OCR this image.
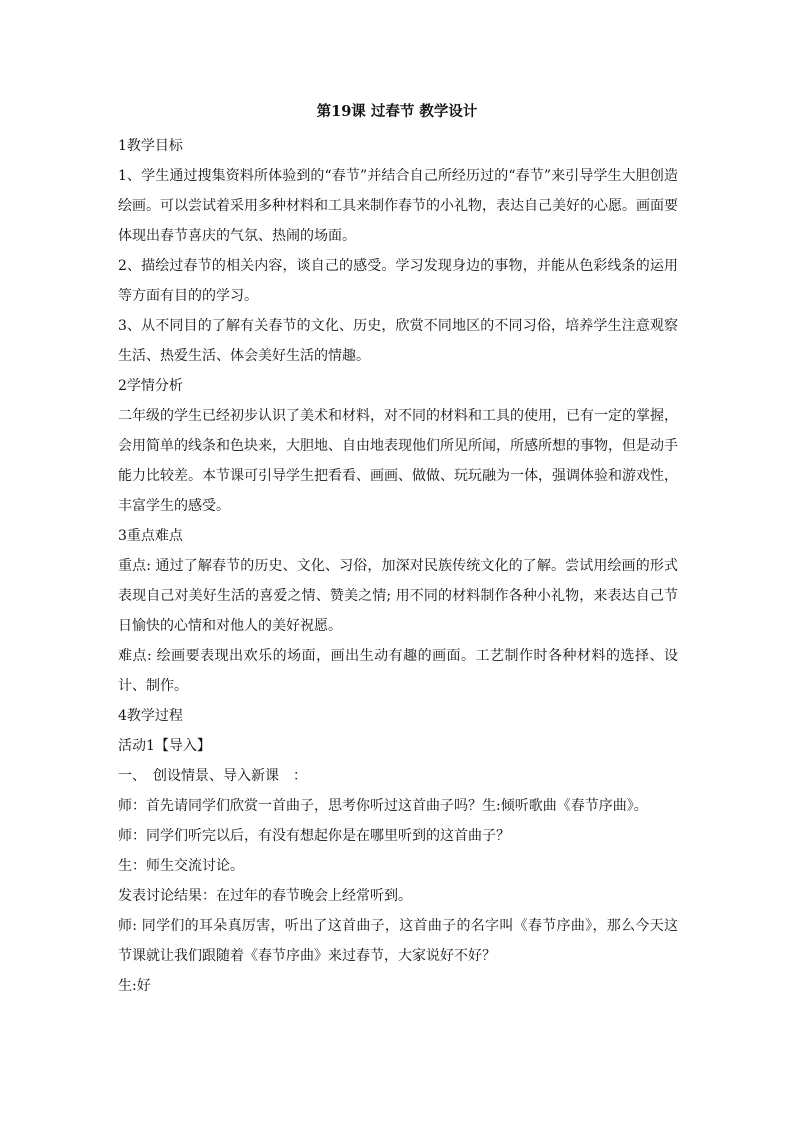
第19课 过春节 教学设计

1教学目标

1、学生通过搜集资料所体验到的“春节”并结合自己所经历过的“春节”来引导学生大胆创造绘画。可以尝试着采用多种材料和工具来制作春节的小礼物，表达自己美好的心愿。画面要体现出春节喜庆的气氛、热闹的场面。

2、描绘过春节的相关内容，谈自己的感受。学习发现身边的事物，并能从色彩线条的运用等方面有目的的学习。

3、从不同目的了解有关春节的文化、历史，欣赏不同地区的不同习俗，培养学生注意观察生活、热爱生活、体会美好生活的情趣。

2学情分析

二年级的学生已经初步认识了美术和材料，对不同的材料和工具的使用，已有一定的掌握，会用简单的线条和色块来，大胆地、自由地表现他们所见所闻，所感所想的事物，但是动手能力比较差。本节课可引导学生把看看、画画、做做、玩玩融为一体，强调体验和游戏性，丰富学生的感受。

3重点难点

重点: 通过了解春节的历史、文化、习俗，加深对民族传统文化的了解。尝试用绘画的形式表现自己对美好生活的喜爱之情、赞美之情; 用不同的材料制作各种小礼物，来表达自己节日愉快的心情和对他人的美好祝愿。

难点: 绘画要表现出欢乐的场面，画出生动有趣的画面。工艺制作时各种材料的选择、设计、制作。

4教学过程

活动1【导入】

一、　创设情景、导入新课　：

师：首先请同学们欣赏一首曲子，思考你听过这首曲子吗？生:倾听歌曲《春节序曲》。

师：同学们听完以后，有没有想起你是在哪里听到的这首曲子？

生：师生交流讨论。

发表讨论结果：在过年的春节晚会上经常听到。

师: 同学们的耳朵真厉害，听出了这首曲子，这首曲子的名字叫《春节序曲》，那么今天这节课就让我们跟随着《春节序曲》来过春节，大家说好不好？

生:好
